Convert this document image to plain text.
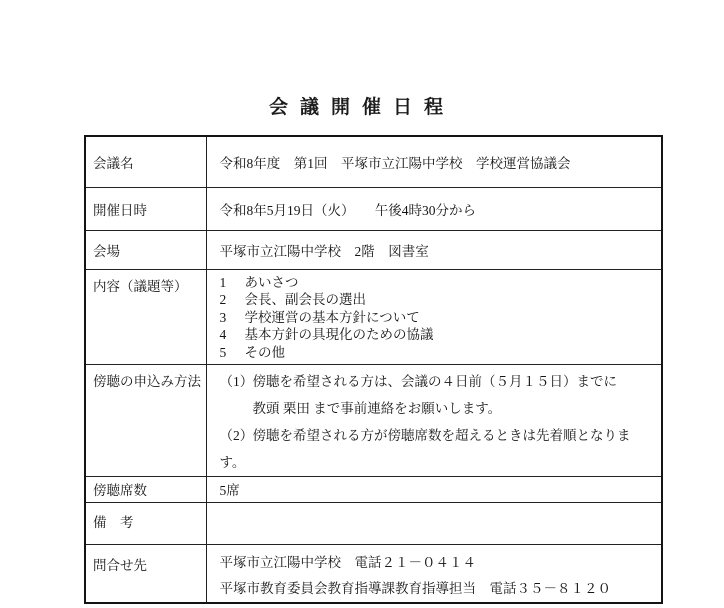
会議開催日程
会議名	令和8年度　第1回　平塚市立江陽中学校　学校運営協議会
開催日時	令和8年5月19日（火）　　午後4時30分から
会場	平塚市立江陽中学校　2階　図書室
内容（議題等）	1 あいさつ
2 会長、副会長の選出
3 学校運営の基本方針について
4 基本方針の具現化のための協議
5 その他

傍聴の申込み方法	（1）傍聴を希望される方は、会議の４日前（５月１５日）までに
教頭 栗田 まで事前連絡をお願いします。
（2）傍聴を希望される方が傍聴席数を超えるときは先着順となります。

傍聴席数	5席
備　考	
問合せ先	平塚市立江陽中学校　電話２１－０４１４
平塚市教育委員会教育指導課教育指導担当　電話３５－８１２０
